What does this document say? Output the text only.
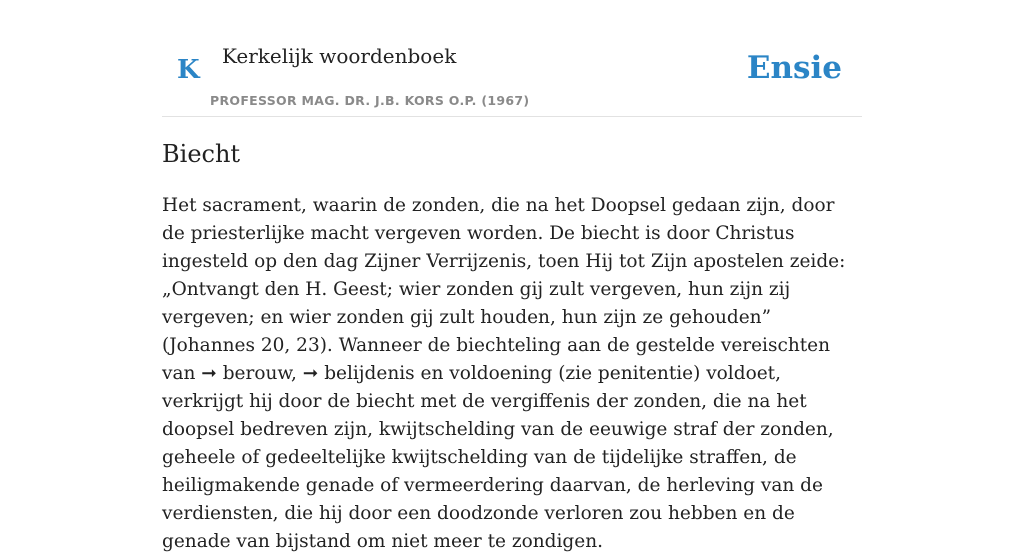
K Kerkelijk woordenboek
PROFESSOR MAG. DR. J.B. KORS O.P. (1967)
Ensie
Biecht

Het sacrament, waarin de zonden, die na het Doopsel gedaan zijn, door de priesterlijke macht vergeven worden. De biecht is door Christus ingesteld op den dag Zijner Verrijzenis, toen Hij tot Zijn apostelen zeide: „Ontvangt den H. Geest; wier zonden gij zult vergeven, hun zijn zij vergeven; en wier zonden gij zult houden, hun zijn ze gehouden” (Johannes 20, 23). Wanneer de biechteling aan de gestelde vereischten van ➞ berouw, ➞ belijdenis en voldoening (zie penitentie) voldoet, verkrijgt hij door de biecht met de vergiffenis der zonden, die na het doopsel bedreven zijn, kwijtschelding van de eeuwige straf der zonden, geheele of gedeeltelijke kwijtschelding van de tijdelijke straffen, de heiligmakende genade of vermeerdering daarvan, de herleving van de verdiensten, die hij door een doodzonde verloren zou hebben en de genade van bijstand om niet meer te zondigen.
